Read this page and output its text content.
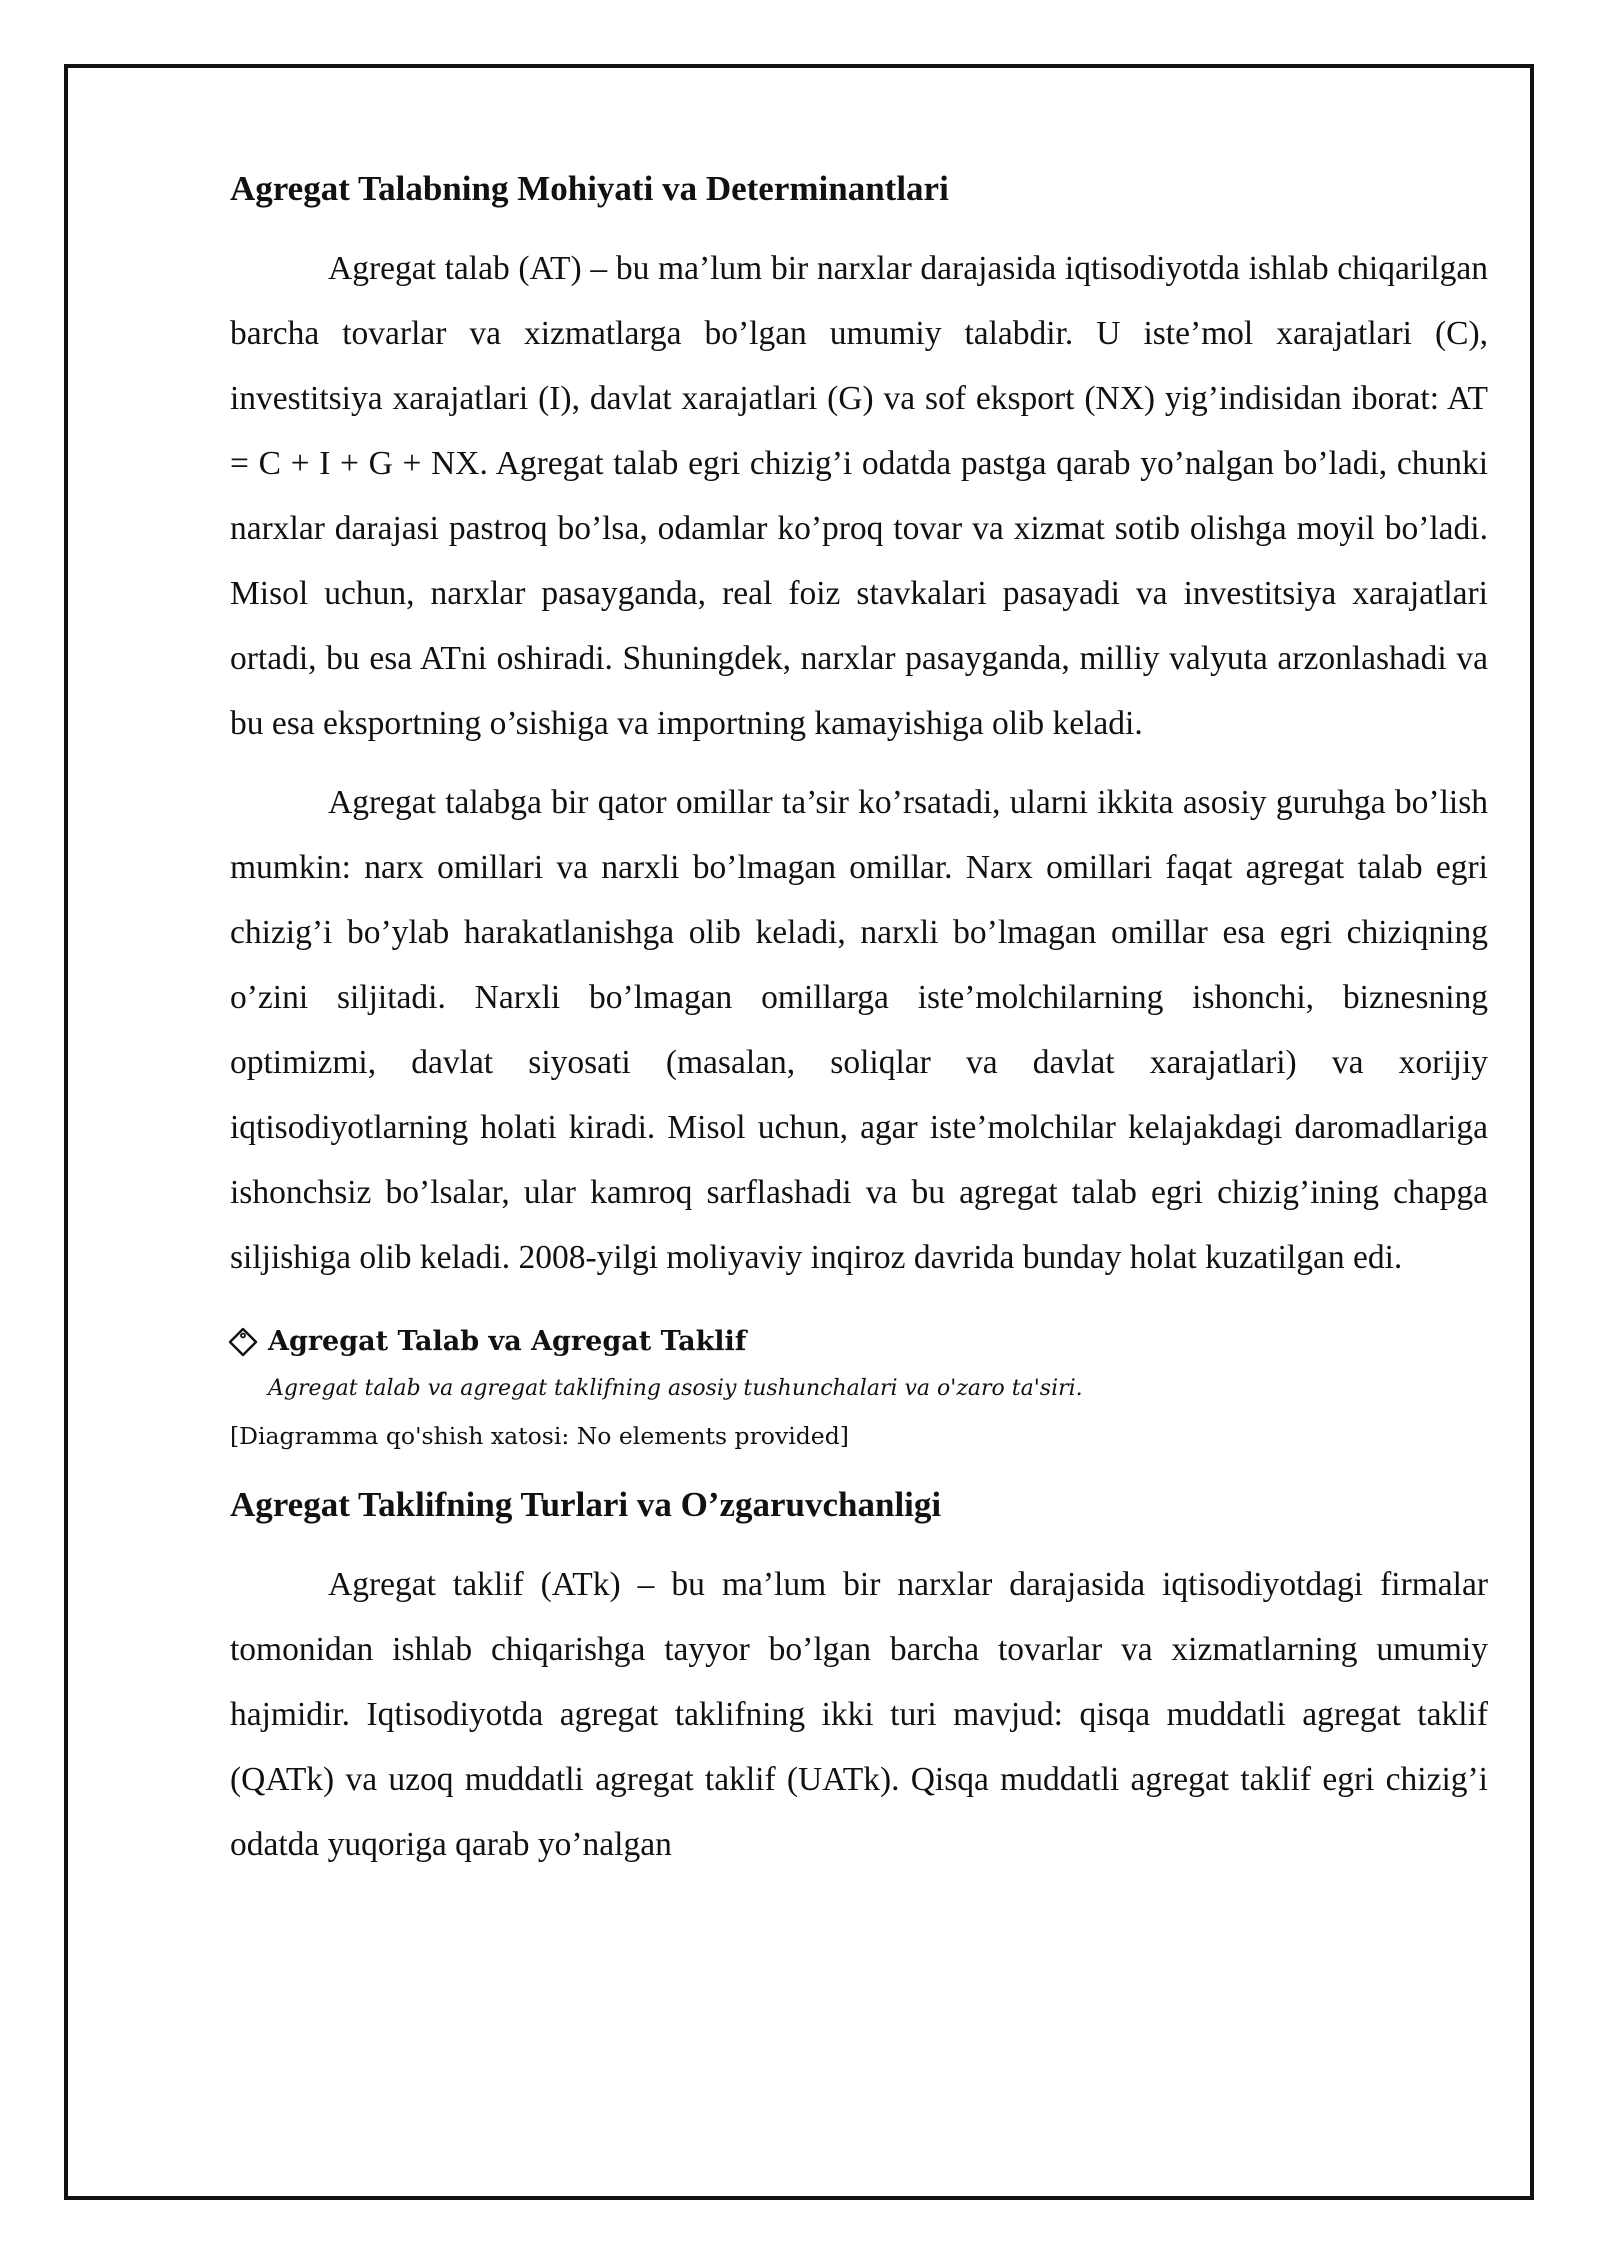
Agregat Talabning Mohiyati va Determinantlari

Agregat talab (AT) – bu ma’lum bir narxlar darajasida iqtisodiyotda ishlab chiqarilgan barcha tovarlar va xizmatlarga bo’lgan umumiy talabdir. U iste’mol xarajatlari (C), investitsiya xarajatlari (I), davlat xarajatlari (G) va sof eksport (NX) yig’indisidan iborat: AT = C + I + G + NX. Agregat talab egri chizig’i odatda pastga qarab yo’nalgan bo’ladi, chunki narxlar darajasi pastroq bo’lsa, odamlar ko’proq tovar va xizmat sotib olishga moyil bo’ladi. Misol uchun, narxlar pasayganda, real foiz stavkalari pasayadi va investitsiya xarajatlari ortadi, bu esa ATni oshiradi. Shuningdek, narxlar pasayganda, milliy valyuta arzonlashadi va bu esa eksportning o’sishiga va importning kamayishiga olib keladi.

Agregat talabga bir qator omillar ta’sir ko’rsatadi, ularni ikkita asosiy guruhga bo’lish mumkin: narx omillari va narxli bo’lmagan omillar. Narx omillari faqat agregat talab egri chizig’i bo’ylab harakatlanishga olib keladi, narxli bo’lmagan omillar esa egri chiziqning o’zini siljitadi. Narxli bo’lmagan omillarga iste’molchilarning ishonchi, biznesning optimizmi, davlat siyosati (masalan, soliqlar va davlat xarajatlari) va xorijiy iqtisodiyotlarning holati kiradi. Misol uchun, agar iste’molchilar kelajakdagi daromadlariga ishonchsiz bo’lsalar, ular kamroq sarflashadi va bu agregat talab egri chizig’ining chapga siljishiga olib keladi. 2008-yilgi moliyaviy inqiroz davrida bunday holat kuzatilgan edi.

Agregat Talab va Agregat Taklif
Agregat talab va agregat taklifning asosiy tushunchalari va o'zaro ta'siri.
[Diagramma qo'shish xatosi: No elements provided]
Agregat Taklifning Turlari va O’zgaruvchanligi

Agregat taklif (ATk) – bu ma’lum bir narxlar darajasida iqtisodiyotdagi firmalar tomonidan ishlab chiqarishga tayyor bo’lgan barcha tovarlar va xizmatlarning umumiy hajmidir. Iqtisodiyotda agregat taklifning ikki turi mavjud: qisqa muddatli agregat taklif (QATk) va uzoq muddatli agregat taklif (UATk). Qisqa muddatli agregat taklif egri chizig’i odatda yuqoriga qarab yo’nalgan
